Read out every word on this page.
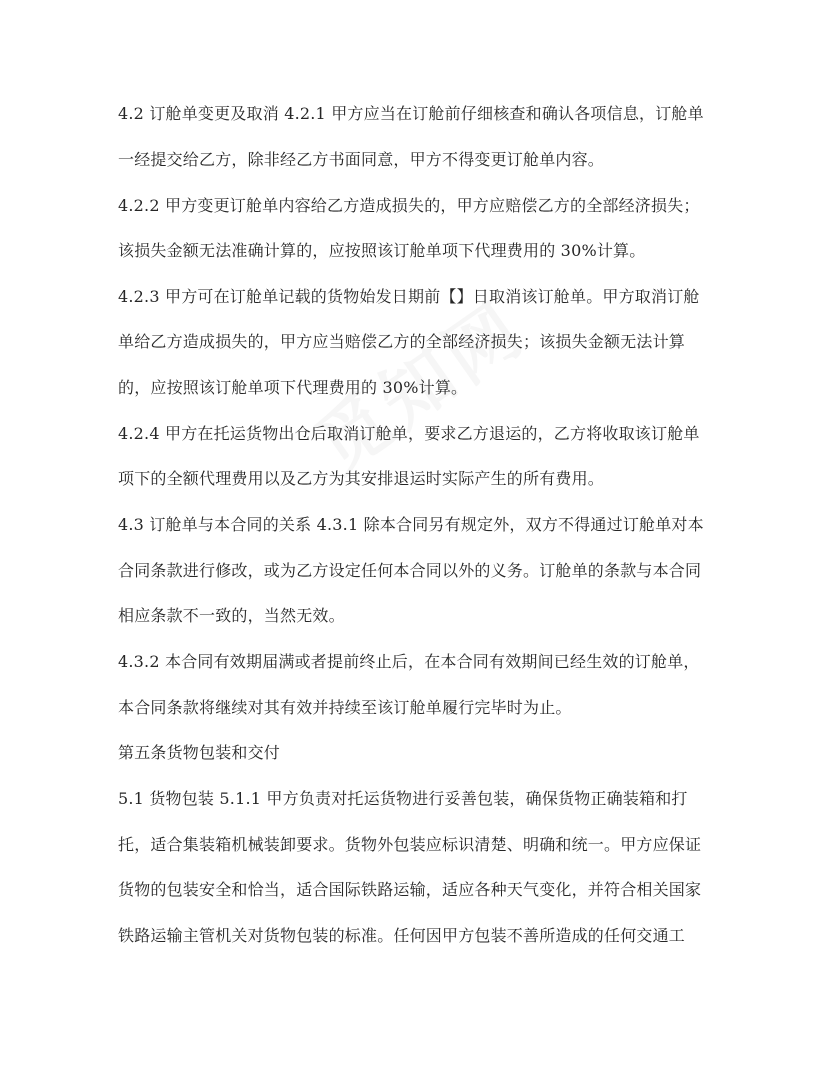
4.2 订舱单变更及取消 4.2.1 甲方应当在订舱前仔细核查和确认各项信息，订舱单

一经提交给乙方，除非经乙方书面同意，甲方不得变更订舱单内容。

4.2.2 甲方变更订舱单内容给乙方造成损失的，甲方应赔偿乙方的全部经济损失；

该损失金额无法准确计算的，应按照该订舱单项下代理费用的 30%计算。

4.2.3 甲方可在订舱单记载的货物始发日期前【】日取消该订舱单。甲方取消订舱

单给乙方造成损失的，甲方应当赔偿乙方的全部经济损失；该损失金额无法计算

的，应按照该订舱单项下代理费用的 30%计算。

4.2.4 甲方在托运货物出仓后取消订舱单，要求乙方退运的，乙方将收取该订舱单

项下的全额代理费用以及乙方为其安排退运时实际产生的所有费用。

4.3 订舱单与本合同的关系 4.3.1 除本合同另有规定外，双方不得通过订舱单对本

合同条款进行修改，或为乙方设定任何本合同以外的义务。订舱单的条款与本合同

相应条款不一致的，当然无效。

4.3.2 本合同有效期届满或者提前终止后，在本合同有效期间已经生效的订舱单，

本合同条款将继续对其有效并持续至该订舱单履行完毕时为止。

第五条货物包装和交付

5.1 货物包装 5.1.1 甲方负责对托运货物进行妥善包装，确保货物正确装箱和打

托，适合集装箱机械装卸要求。货物外包装应标识清楚、明确和统一。甲方应保证

货物的包装安全和恰当，适合国际铁路运输，适应各种天气变化，并符合相关国家

铁路运输主管机关对货物包装的标准。任何因甲方包装不善所造成的任何交通工
